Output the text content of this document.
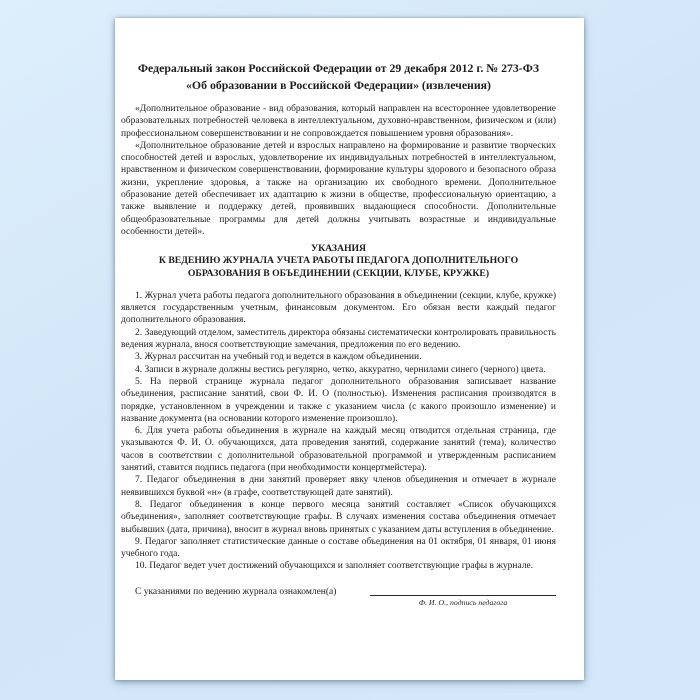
Федеральный закон Российской Федерации от 29 декабря 2012 г. № 273-ФЗ
«Об образовании в Российской Федерации» (извлечения)

«Дополнительное образование - вид образования, который направлен на всестороннее удовлетворение образовательных потребностей человека в интеллектуальном, духовно-нравственном, физическом и (или) профессиональном совершенствовании и не сопровождается повышением уровня образования».

«Дополнительное образование детей и взрослых направлено на формирование и развитие творческих способностей детей и взрослых, удовлетворение их индивидуальных потребностей в интеллектуальном, нравственном и физическом совершенствовании, формирование культуры здорового и безопасного образа жизни, укрепление здоровья, а также на организацию их свободного времени. Дополнительное образование детей обеспечивает их адаптацию к жизни в обществе, профессиональную ориентацию, а также выявление и поддержку детей, проявивших выдающиеся способности. Дополнительные общеобразовательные программы для детей должны учитывать возрастные и индивидуальные особенности детей».

УКАЗАНИЯ
К ВЕДЕНИЮ ЖУРНАЛА УЧЕТА РАБОТЫ ПЕДАГОГА ДОПОЛНИТЕЛЬНОГО
ОБРАЗОВАНИЯ В ОБЪЕДИНЕНИИ (СЕКЦИИ, КЛУБЕ, КРУЖКЕ)

1. Журнал учета работы педагога дополнительного образования в объединении (секции, клубе, кружке) является государственным учетным, финансовым документом. Его обязан вести каждый педагог дополнительного образования.

2. Заведующий отделом, заместитель директора обязаны систематически контролировать правильность ведения журнала, внося соответствующие замечания, предложения по его ведению.

3. Журнал рассчитан на учебный год и ведется в каждом объединении.

4. Записи в журнале должны вестись регулярно, четко, аккуратно, чернилами синего (черного) цвета.

5. На первой странице журнала педагог дополнительного образования записывает название объединения, расписание занятий, свои Ф. И. О (полностью). Изменения расписания производятся в порядке, установленном в учреждении и также с указанием числа (с какого произошло изменение) и название документа (на основании которого изменение произошло).

6. Для учета работы объединения в журнале на каждый месяц отводится отдельная страница, где указываются Ф. И. О. обучающихся, дата проведения занятий, содержание занятий (тема), количество часов в соответствии с дополнительной образовательной программой и утвержденным расписанием занятий, ставится подпись педагога (при необходимости концертмейстера).

7. Педагог объединения в дни занятий проверяет явку членов объединения и отмечает в журнале неявившихся буквой «н» (в графе, соответствующей дате занятий).

8. Педагог объединения в конце первого месяца занятий составляет «Список обучающихся объединения», заполняет соответствующие графы. В случаях изменения состава объединения отмечает выбывших (дата, причина), вносит в журнал вновь принятых с указанием даты вступления в объединение.

9. Педагог заполняет статистические данные о составе объединения на 01 октября, 01 января, 01 июня учебного года.

10. Педагог ведет учет достижений обучающихся и заполняет соответствующие графы в журнале.

С указаниями по ведению журнала ознакомлен(а)
Ф. И. О., подпись педагога
